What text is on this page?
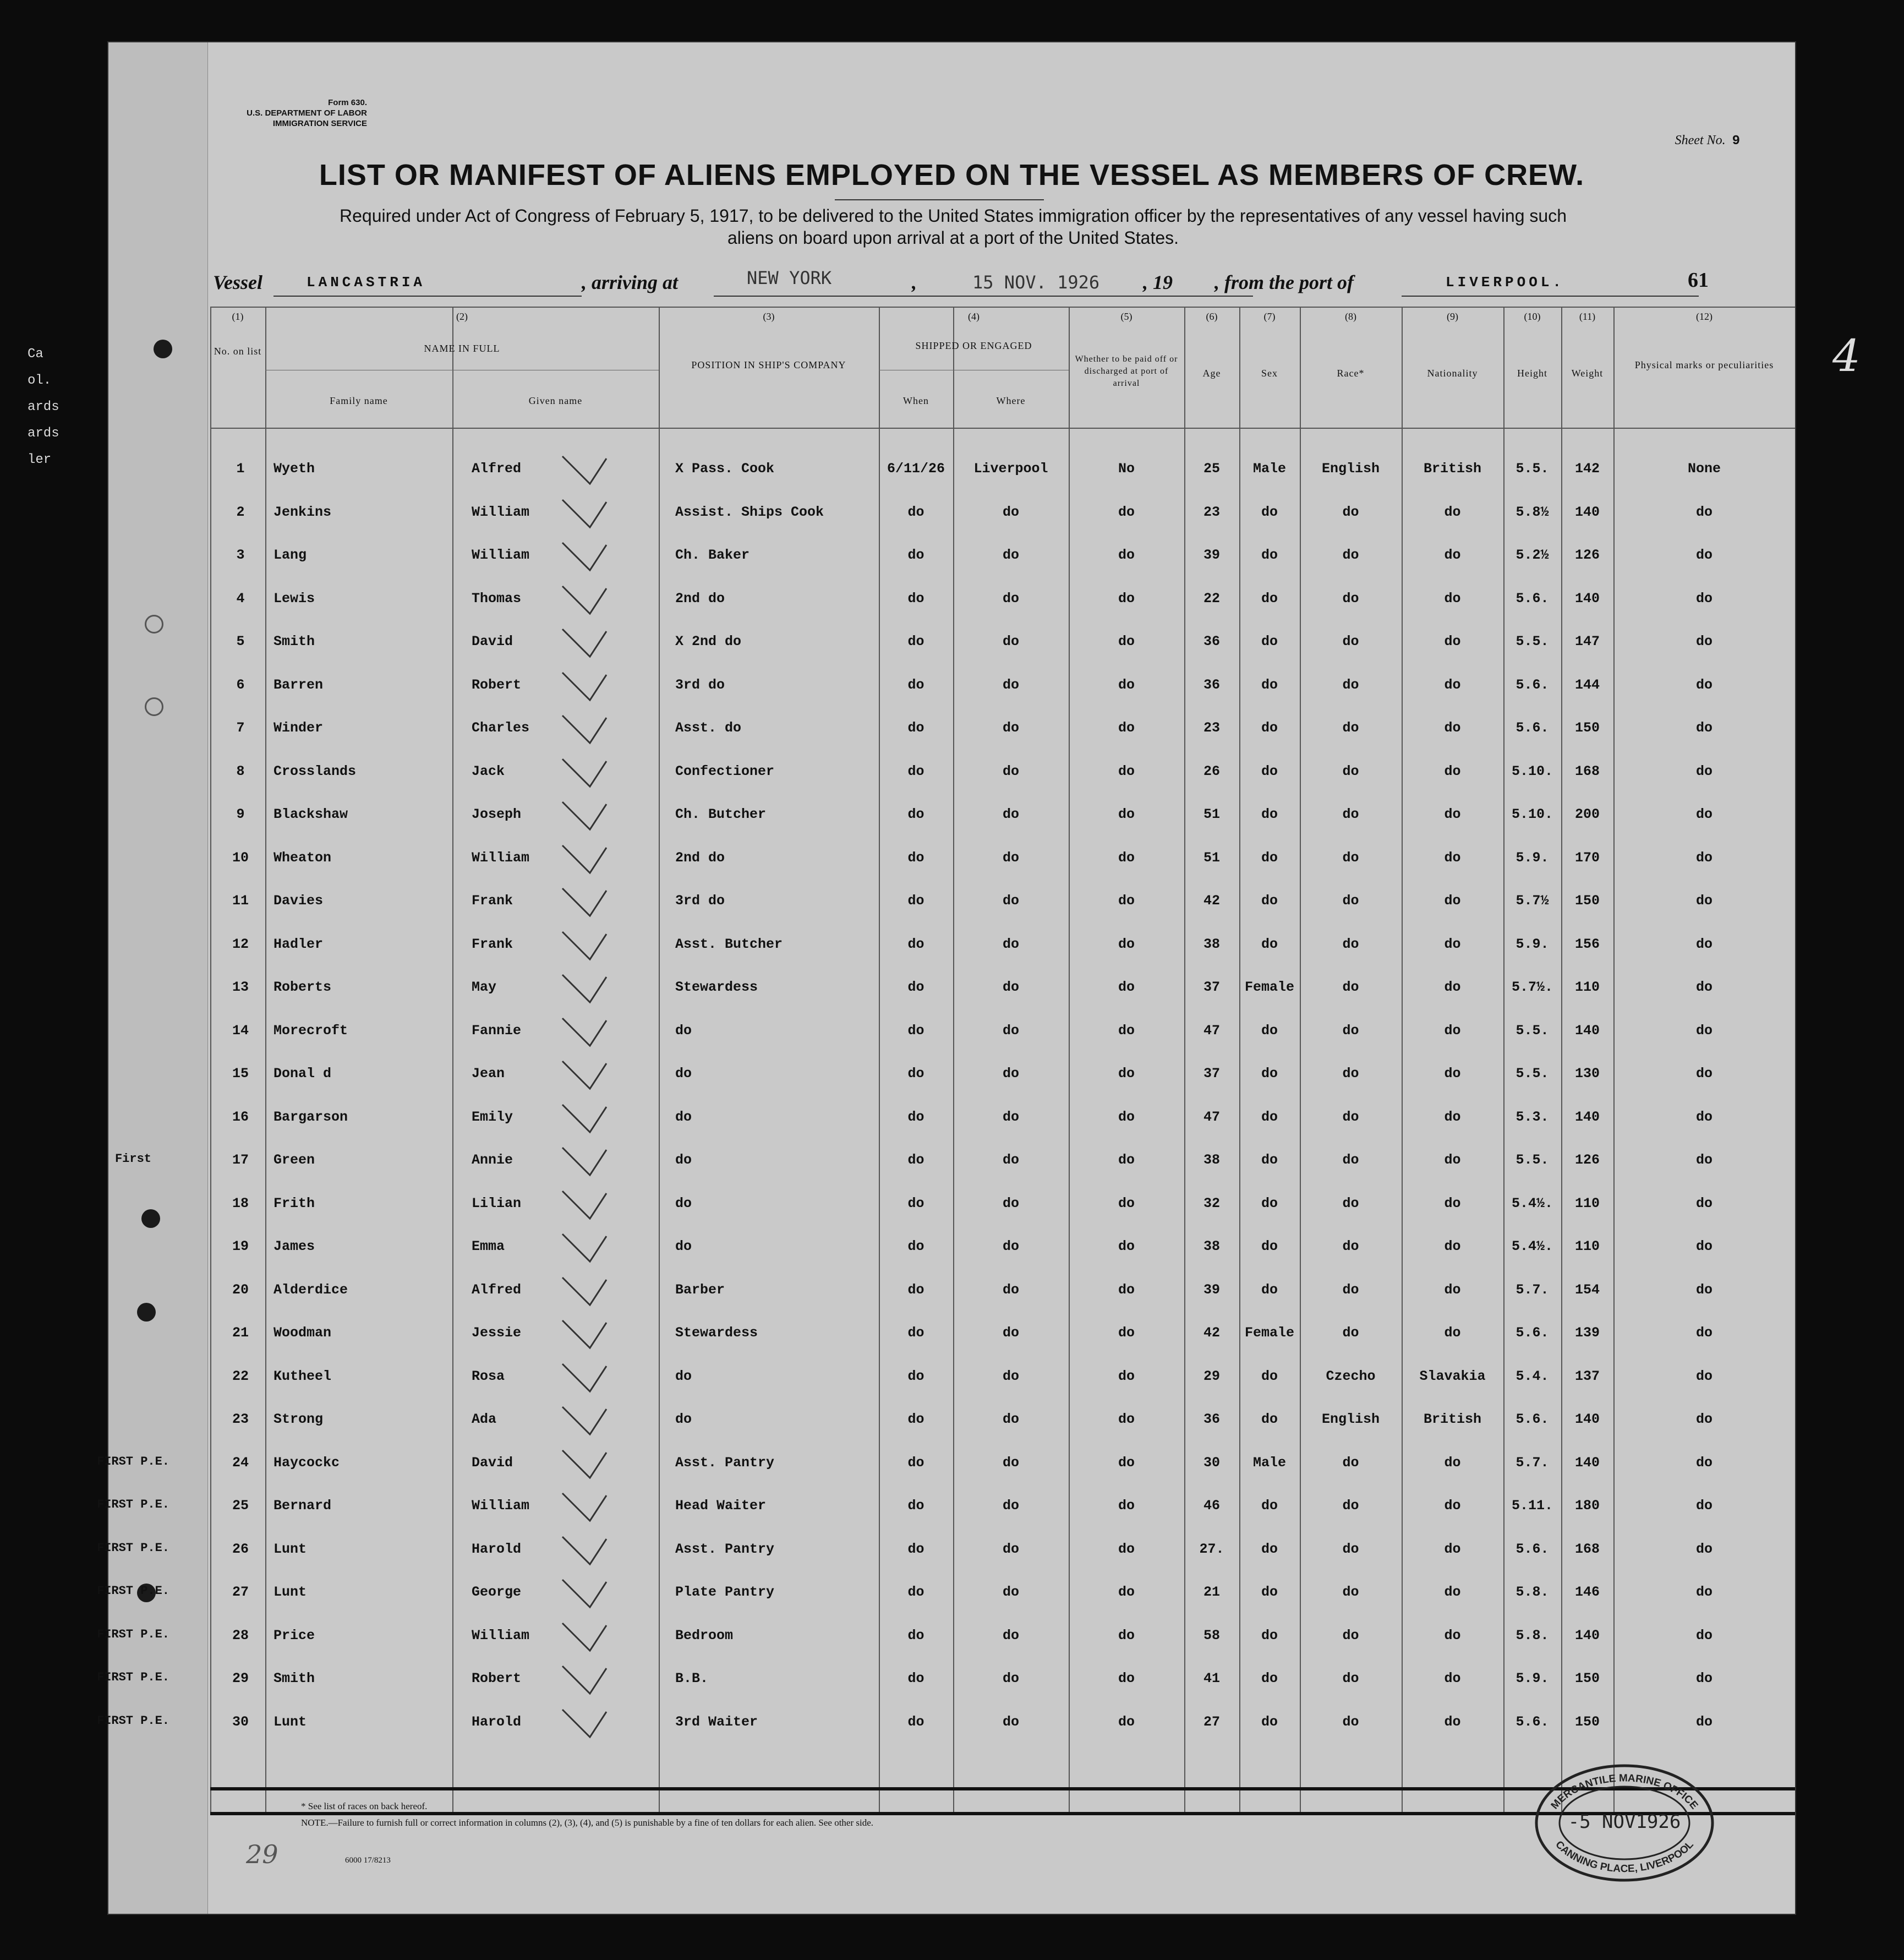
Form 630.
U.S. DEPARTMENT OF LABOR
IMMIGRATION SERVICE
Sheet No. 9
LIST OR MANIFEST OF ALIENS EMPLOYED ON THE VESSEL AS MEMBERS OF CREW.
Required under Act of Congress of February 5, 1917, to be delivered to the United States immigration officer by the representatives of any vessel having such
aliens on board upon arrival at a port of the United States.
Vessel	LANCASTRIA	, arriving at	NEW YORK	,	15 NOV. 1926 , 19 , from the port of	LIVERPOOL.	61
(1)
No. on list
(2)
NAME IN FULL
Family name	Given name
(3)
POSITION IN SHIP'S COMPANY
(4)
SHIPPED OR ENGAGED
When	Where
(5)
Whether to be paid off or discharged at port of arrival
(6)
Age
(7)
Sex
(8)
Race*
(9)
Nationality
(10)
Height
(11)
Weight
(12)
Physical marks or peculiarities
1	Wyeth	Alfred	X Pass. Cook	6/11/26	Liverpool	No	25	Male	English	British	5.5.	142	None
2	Jenkins	William	Assist. Ships Cook	do	do	do	23	do	do	do	5.8½	140	do
3	Lang	William	Ch. Baker	do	do	do	39	do	do	do	5.2½	126	do
4	Lewis	Thomas	2nd do	do	do	do	22	do	do	do	5.6.	140	do
5	Smith	David	X 2nd do	do	do	do	36	do	do	do	5.5.	147	do
6	Barren	Robert	3rd do	do	do	do	36	do	do	do	5.6.	144	do
7	Winder	Charles	Asst. do	do	do	do	23	do	do	do	5.6.	150	do
8	Crosslands	Jack	Confectioner	do	do	do	26	do	do	do	5.10.	168	do
9	Blackshaw	Joseph	Ch. Butcher	do	do	do	51	do	do	do	5.10.	200	do
10	Wheaton	William	2nd do	do	do	do	51	do	do	do	5.9.	170	do
11	Davies	Frank	3rd do	do	do	do	42	do	do	do	5.7½	150	do
12	Hadler	Frank	Asst. Butcher	do	do	do	38	do	do	do	5.9.	156	do
13	Roberts	May	Stewardess	do	do	do	37	Female	do	do	5.7½.	110	do
14	Morecroft	Fannie	do	do	do	do	47	do	do	do	5.5.	140	do
15	Donal d	Jean	do	do	do	do	37	do	do	do	5.5.	130	do
16	Bargarson	Emily	do	do	do	do	47	do	do	do	5.3.	140	do
First	17	Green	Annie	do	do	do	do	38	do	do	do	5.5.	126	do
18	Frith	Lilian	do	do	do	do	32	do	do	do	5.4½.	110	do
19	James	Emma	do	do	do	do	38	do	do	do	5.4½.	110	do
20	Alderdice	Alfred	Barber	do	do	do	39	do	do	do	5.7.	154	do
21	Woodman	Jessie	Stewardess	do	do	do	42	Female	do	do	5.6.	139	do
22	Kutheel	Rosa	do	do	do	do	29	do	Czecho	Slavakia	5.4.	137	do
23	Strong	Ada	do	do	do	do	36	do	English	British	5.6.	140	do
FIRST P.E.	24	Haycockc	David	Asst. Pantry	do	do	do	30	Male	do	do	5.7.	140	do
FIRST P.E.	25	Bernard	William	Head Waiter	do	do	do	46	do	do	do	5.11.	180	do
FIRST P.E.	26	Lunt	Harold	Asst. Pantry	do	do	do	27.	do	do	do	5.6.	168	do
FIRST P.E.	27	Lunt	George	Plate Pantry	do	do	do	21	do	do	do	5.8.	146	do
FIRST P.E.	28	Price	William	Bedroom	do	do	do	58	do	do	do	5.8.	140	do
FIRST P.E.	29	Smith	Robert	B.B.	do	do	do	41	do	do	do	5.9.	150	do
FIRST P.E.	30	Lunt	Harold	3rd Waiter	do	do	do	27	do	do	do	5.6.	150	do
* See list of races on back hereof.
NOTE.—Failure to furnish full or correct information in columns (2), (3), (4), and (5) is punishable by a fine of ten dollars for each alien. See other side.
6000 17/8213
29
MERCANTILE MARINE OFFICE
CANNING PLACE, LIVERPOOL
-5 NOV1926
4
Ca
ol.
ards
ards
ler
